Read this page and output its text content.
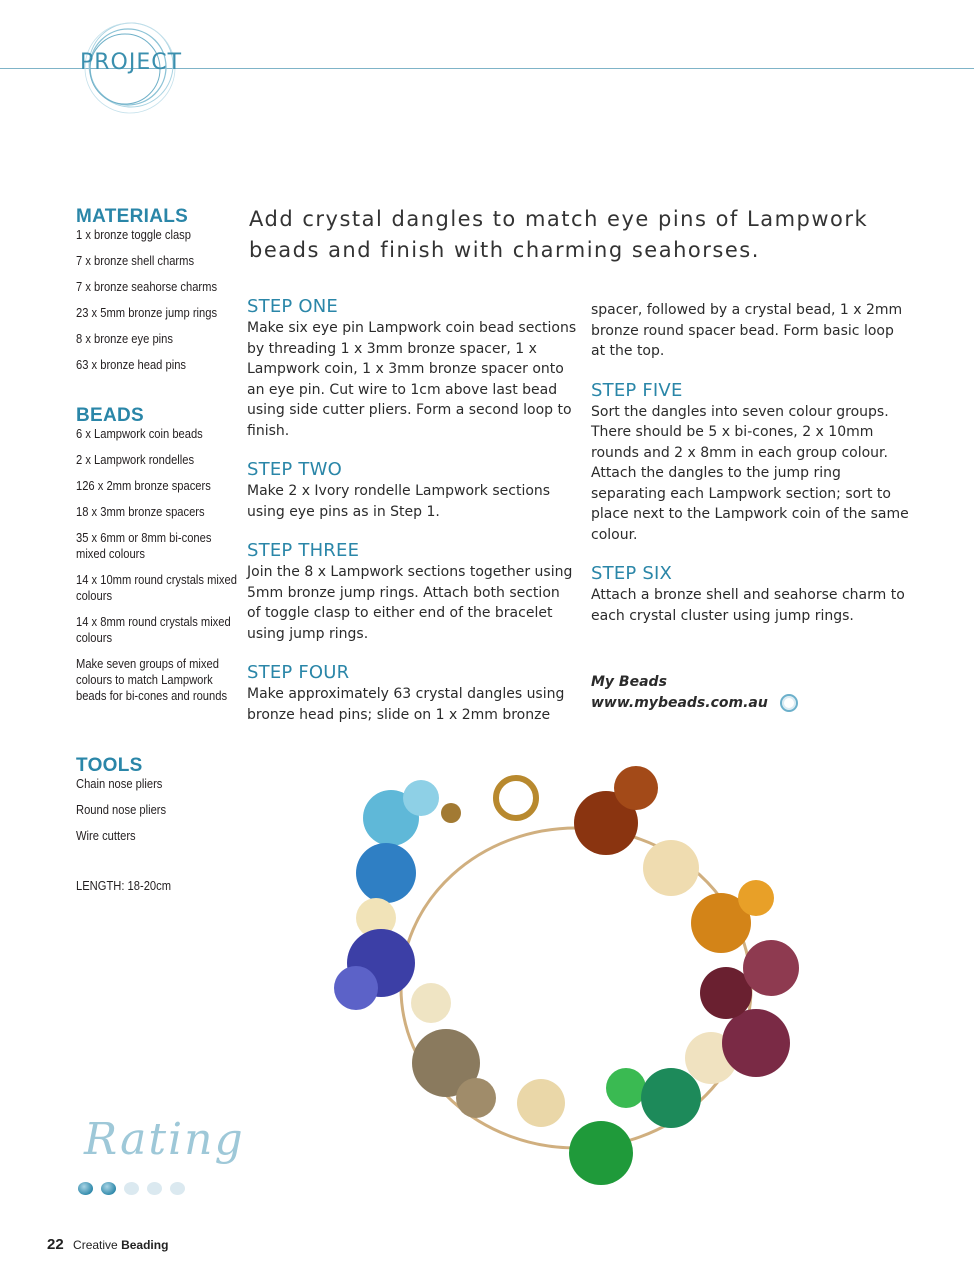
PROJECT
MATERIALS
1 x bronze toggle clasp
7 x bronze shell charms
7 x bronze seahorse charms
23 x 5mm bronze jump rings
8 x bronze eye pins
63 x bronze head pins
BEADS
6 x Lampwork coin beads
2 x Lampwork rondelles
126 x 2mm bronze spacers
18 x 3mm bronze spacers
35 x 6mm or 8mm bi-cones mixed colours
14 x 10mm round crystals mixed colours
14 x 8mm round crystals mixed colours
Make seven groups of mixed colours to match Lampwork beads for bi-cones and rounds
TOOLS
Chain nose pliers
Round nose pliers
Wire cutters
LENGTH: 18-20cm
Add crystal dangles to match eye pins of Lampwork beads and finish with charming seahorses.
STEP ONE

Make six eye pin Lampwork coin bead sections by threading 1 x 3mm bronze spacer, 1 x Lampwork coin, 1 x 3mm bronze spacer onto an eye pin. Cut wire to 1cm above last bead using side cutter pliers. Form a second loop to finish.

STEP TWO

Make 2 x Ivory rondelle Lampwork sections using eye pins as in Step 1.

STEP THREE

Join the 8 x Lampwork sections together using 5mm bronze jump rings. Attach both section of toggle clasp to either end of the bracelet using jump rings.

STEP FOUR

Make approximately 63 crystal dangles using bronze head pins; slide on 1 x 2mm bronze

spacer, followed by a crystal bead, 1 x 2mm bronze round spacer bead. Form basic loop at the top.

STEP FIVE

Sort the dangles into seven colour groups. There should be 5 x bi-cones, 2 x 10mm rounds and 2 x 8mm in each group colour. Attach the dangles to the jump ring separating each Lampwork section; sort to place next to the Lampwork coin of the same colour.

STEP SIX

Attach a bronze shell and seahorse charm to each crystal cluster using jump rings.

My Beads
www.mybeads.com.au
Rating
22 Creative Beading
